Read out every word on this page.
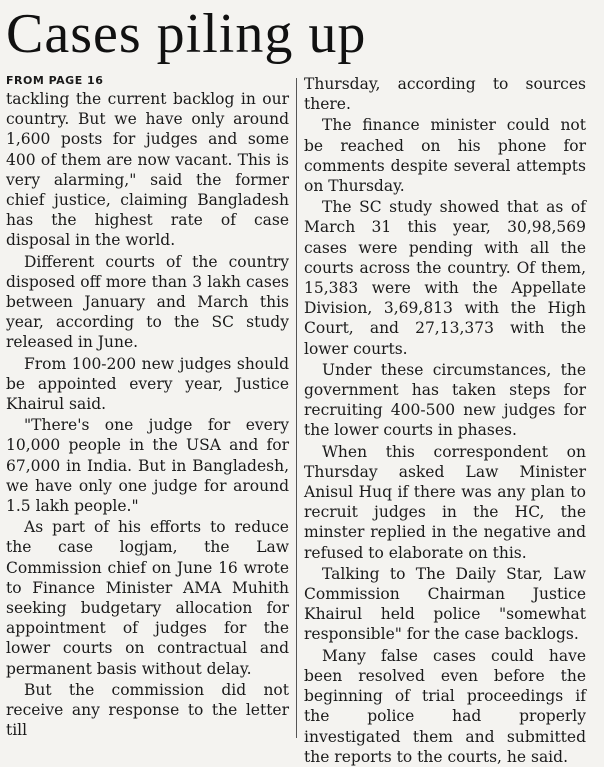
Cases piling up
FROM PAGE 16

tackling the current backlog in our country. But we have only around 1,600 posts for judges and some 400 of them are now vacant. This is very alarming," said the former chief justice, claiming Bangladesh has the highest rate of case disposal in the world.

Different courts of the country disposed off more than 3 lakh cases between January and March this year, according to the SC study released in June.

From 100-200 new judges should be appointed every year, Justice Khairul said.

"There's one judge for every 10,000 people in the USA and for 67,000 in India. But in Bangladesh, we have only one judge for around 1.5 lakh people."

As part of his efforts to reduce the case logjam, the Law Commission chief on June 16 wrote to Finance Minister AMA Muhith seeking budgetary allocation for appointment of judges for the lower courts on contractual and permanent basis without delay.

But the commission did not receive any response to the letter till

Thursday, according to sources there.

The finance minister could not be reached on his phone for comments despite several attempts on Thursday.

The SC study showed that as of March 31 this year, 30,98,569 cases were pending with all the courts across the country. Of them, 15,383 were with the Appellate Division, 3,69,813 with the High Court, and 27,13,373 with the lower courts.

Under these circumstances, the government has taken steps for recruiting 400-500 new judges for the lower courts in phases.

When this correspondent on Thursday asked Law Minister Anisul Huq if there was any plan to recruit judges in the HC, the minster replied in the negative and refused to elaborate on this.

Talking to The Daily Star, Law Commission Chairman Justice Khairul held police "somewhat responsible" for the case backlogs.

Many false cases could have been resolved even before the beginning of trial proceedings if the police had properly investigated them and submitted the reports to the courts, he said.
